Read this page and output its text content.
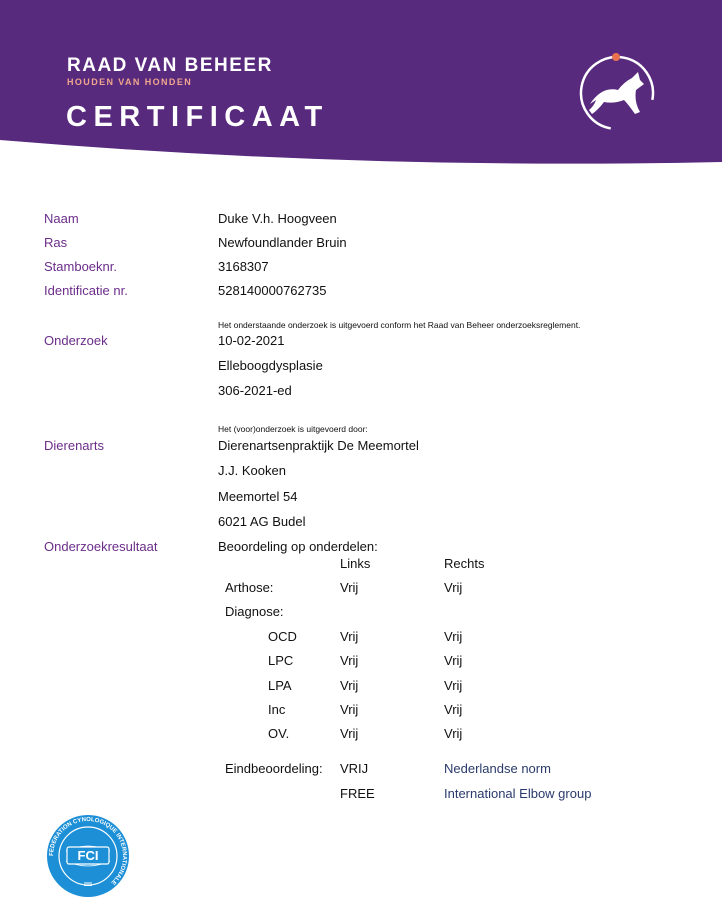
RAAD VAN BEHEER
HOUDEN VAN HONDEN
CERTIFICAAT
Naam	Duke V.h. Hoogveen
Ras	Newfoundlander Bruin
Stamboeknr.	3168307
Identificatie nr.	528140000762735
Het onderstaande onderzoek is uitgevoerd conform het Raad van Beheer onderzoeksreglement.
Onderzoek	10-02-2021
Elleboogdysplasie
306-2021-ed
Het (voor)onderzoek is uitgevoerd door:
Dierenarts	Dierenartsenpraktijk De Meemortel
J.J. Kooken
Meemortel 54
6021 AG Budel
Onderzoekresultaat	Beoordeling op onderdelen:
Links	Rechts
Arthose:	Vrij	Vrij
Diagnose:
OCD	Vrij	Vrij
LPC	Vrij	Vrij
LPA	Vrij	Vrij
Inc	Vrij	Vrij
OV.	Vrij	Vrij
Eindbeoordeling: VRIJ	Nederlandse norm
FREE	International Elbow group
FCI
FEDERATION CYNOLOGIQUE INTERNATIONALE
